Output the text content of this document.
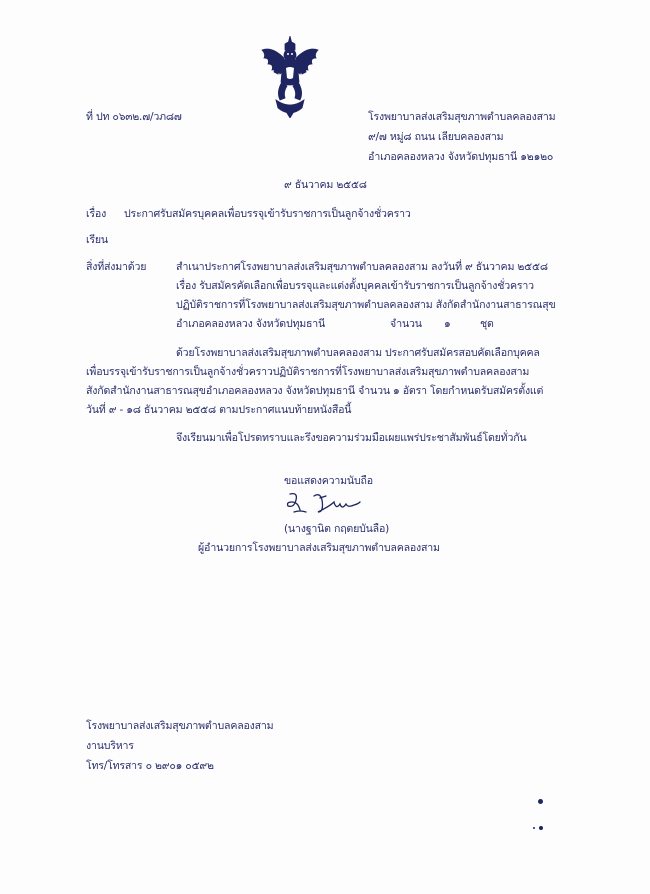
ที่ ปท ๐๖๓๒.๗/วภ๘๗	โรงพยาบาลส่งเสริมสุขภาพตำบลคลองสาม
๙/๗ หมู่๘ ถนน เลียบคลองสาม
อำเภอคลองหลวง จังหวัดปทุมธานี ๑๒๑๒๐
๙ ธันวาคม ๒๕๕๘
เรื่อง ประกาศรับสมัครบุคคลเพื่อบรรจุเข้ารับราชการเป็นลูกจ้างชั่วคราว
เรียน
สิ่งที่ส่งมาด้วย	สำเนาประกาศโรงพยาบาลส่งเสริมสุขภาพตำบลคลองสาม ลงวันที่ ๙ ธันวาคม ๒๕๕๘
เรื่อง รับสมัครคัดเลือกเพื่อบรรจุและแต่งตั้งบุคคลเข้ารับราชการเป็นลูกจ้างชั่วคราว
ปฏิบัติราชการที่โรงพยาบาลส่งเสริมสุขภาพตำบลคลองสาม สังกัดสำนักงานสาธารณสุข
อำเภอคลองหลวง จังหวัดปทุมธานี	จำนวน ๑	ชุด
ด้วยโรงพยาบาลส่งเสริมสุขภาพตำบลคลองสาม ประกาศรับสมัครสอบคัดเลือกบุคคล
เพื่อบรรจุเข้ารับราชการเป็นลูกจ้างชั่วคราวปฏิบัติราชการที่โรงพยาบาลส่งเสริมสุขภาพตำบลคลองสาม
สังกัดสำนักงานสาธารณสุขอำเภอคลองหลวง จังหวัดปทุมธานี จำนวน ๑ อัตรา โดยกำหนดรับสมัครตั้งแต่
วันที่ ๙ - ๑๘ ธันวาคม ๒๕๕๘ ตามประกาศแนบท้ายหนังสือนี้
จึงเรียนมาเพื่อโปรดทราบและรึงขอความร่วมมือเผยแพร่ประชาสัมพันธ์โดยทั่วกัน
ขอแสดงความนับถือ
(นางฐานิต กฤตยบันลือ)
ผู้อำนวยการโรงพยาบาลส่งเสริมสุขภาพตำบลคลองสาม
โรงพยาบาลส่งเสริมสุขภาพตำบลคลองสาม
งานบริหาร
โทร/โทรสาร ๐ ๒๙๐๑ ๐๕๙๒
